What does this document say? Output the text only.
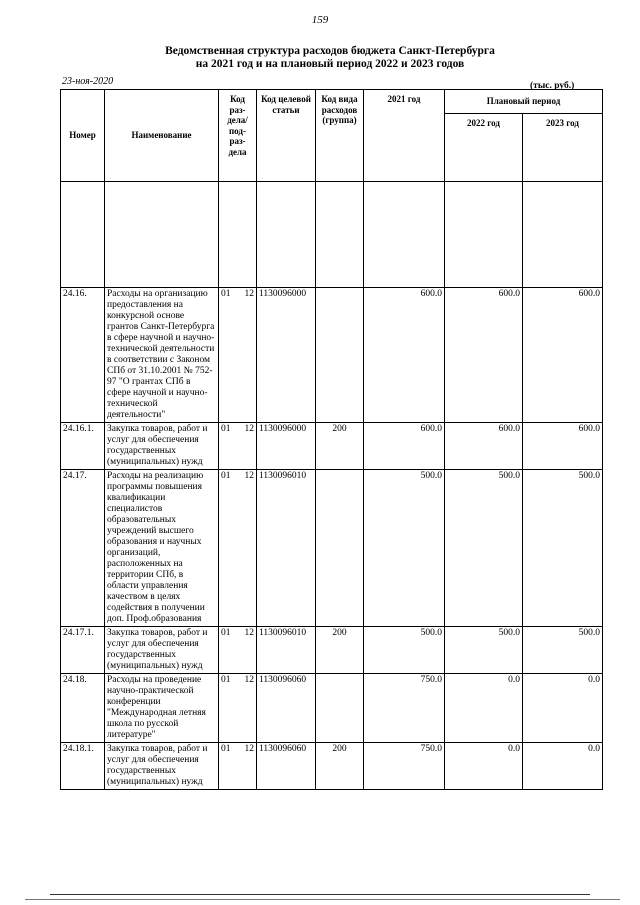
159
Ведомственная структура расходов бюджета Санкт-Петербурга
на 2021 год и на плановый период 2022 и 2023 годов
23-ноя-2020	(тыс. руб.)
Номер	Наименование	Код раз- дела/ под- раз- дела	Код целевой статьи	Код вида расходов (группа)	2021 год	Плановый период	
						2022 год	2023 год

24.16.	Расходы на организацию предоставления на конкурсной основе грантов Санкт-Петербурга в сфере научной и научно-технической деятельности в соответствии с Законом СПб от 31.10.2001 № 752-97 "О грантах СПб в сфере научной и научно-технической деятельности"	01 12	1130096000		600.0	600.0	600.0
24.16.1.	Закупка товаров, работ и услуг для обеспечения государственных (муниципальных) нужд	01 12	1130096000	200	600.0	600.0	600.0
24.17.	Расходы на реализацию программы повышения квалификации специалистов образовательных учреждений высшего образования и научных организаций, расположенных на территории СПб, в области управления качеством в целях содействия в получении доп. Проф.образования	01 12	1130096010		500.0	500.0	500.0
24.17.1.	Закупка товаров, работ и услуг для обеспечения государственных (муниципальных) нужд	01 12	1130096010	200	500.0	500.0	500.0
24.18.	Расходы на проведение научно-практической конференции "Международная летняя школа по русской литературе"	01 12	1130096060		750.0	0.0	0.0
24.18.1.	Закупка товаров, работ и услуг для обеспечения государственных (муниципальных) нужд	01 12	1130096060	200	750.0	0.0	0.0
